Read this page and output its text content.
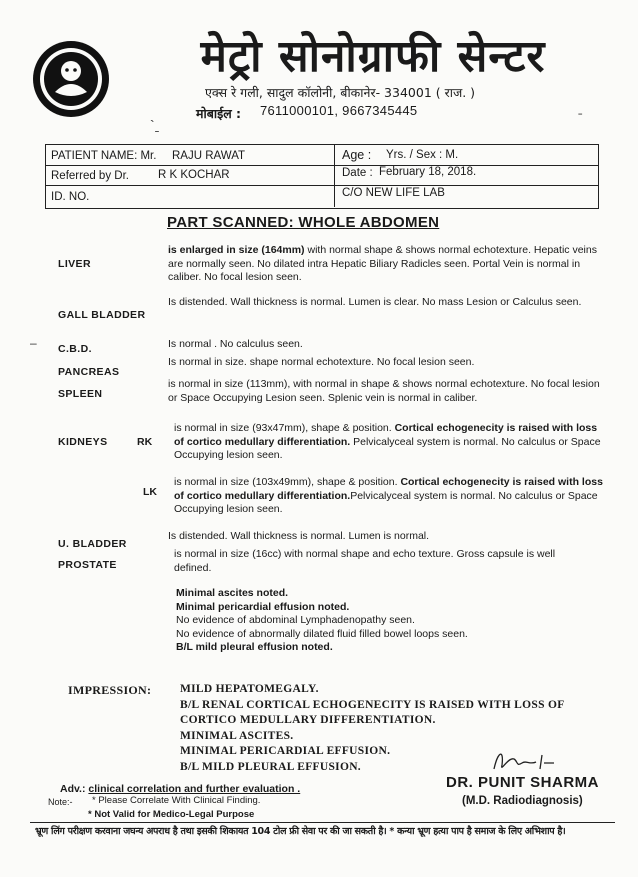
मेट्रो सोनोग्राफी सेन्टर
एक्स रे गली, सादुल कॉलोनी, बीकानेर- 334001 ( राज. )
मोबाईल : 7611000101, 9667345445	ˉ
`ˍ
PATIENT NAME: Mr. RAJU RAWAT	Age : Yrs. / Sex : M.
Referred by Dr.	R K KOCHAR	Date : February 18, 2018.
ID. NO.	C/O NEW LIFE LAB
PART SCANNED: WHOLE ABDOMEN
LIVER
is enlarged in size (164mm) with normal shape & shows normal echotexture. Hepatic veins are normally seen. No dilated intra Hepatic Biliary Radicles seen. Portal Vein is normal in caliber. No focal lesion seen.
GALL BLADDER
Is distended. Wall thickness is normal. Lumen is clear. No mass Lesion or Calculus seen.
– C.B.D.	Is normal . No calculus seen.
PANCREAS
Is normal in size. shape normal echotexture. No focal lesion seen.
SPLEEN
is normal in size (113mm), with normal in shape & shows normal echotexture. No focal lesion or Space Occupying Lesion seen. Splenic vein is normal in caliber.
KIDNEYS	RK
is normal in size (93x47mm), shape & position. Cortical echogenecity is raised with loss of cortico medullary differentiation. Pelvicalyceal system is normal. No calculus or Space Occupying lesion seen.
LK
is normal in size (103x49mm), shape & position. Cortical echogenecity is raised with loss of cortico medullary differentiation.Pelvicalyceal system is normal. No calculus or Space Occupying lesion seen.
U. BLADDER
Is distended. Wall thickness is normal. Lumen is normal.
PROSTATE
is normal in size (16cc) with normal shape and echo texture. Gross capsule is well defined.
Minimal ascites noted.
Minimal pericardial effusion noted.
No evidence of abdominal Lymphadenopathy seen.
No evidence of abnormally dilated fluid filled bowel loops seen.
B/L mild pleural effusion noted.
IMPRESSION: MILD HEPATOMEGALY.
B/L RENAL CORTICAL ECHOGENECITY IS RAISED WITH LOSS OF
CORTICO MEDULLARY DIFFERENTIATION.
MINIMAL ASCITES.
MINIMAL PERICARDIAL EFFUSION.
B/L MILD PLEURAL EFFUSION.
Adv.: clinical correlation and further evaluation .
Note:- * Please Correlate With Clinical Finding.
* Not Valid for Medico-Legal Purpose
DR. PUNIT SHARMA
(M.D. Radiodiagnosis)
भ्रूण लिंग परीक्षण करवाना जघन्य अपराध है तथा इसकी शिकायत 104 टोल फ्री सेवा पर की जा सकती है। * कन्या भ्रूण हत्या पाप है समाज के लिए अभिशाप है।
